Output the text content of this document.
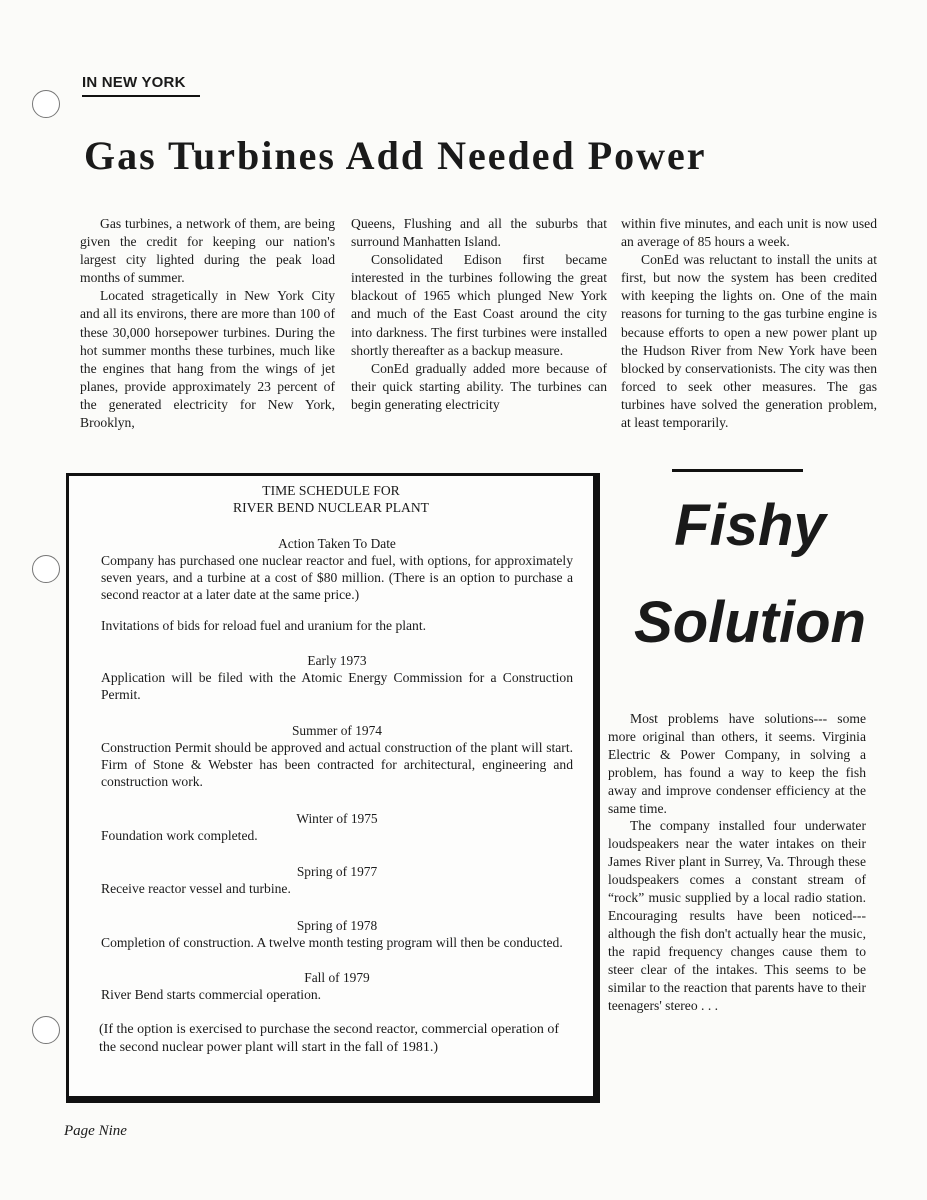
IN NEW YORK
Gas Turbines Add Needed Power

Gas turbines, a network of them, are being given the credit for keeping our nation's largest city lighted during the peak load months of summer.

Located stragetically in New York City and all its environs, there are more than 100 of these 30,000 horsepower turbines. During the hot summer months these turbines, much like the engines that hang from the wings of jet planes, provide approximately 23 percent of the generated electricity for New York, Brooklyn,

Queens, Flushing and all the suburbs that surround Manhatten Island.

Consolidated Edison first became interested in the turbines following the great blackout of 1965 which plunged New York and much of the East Coast around the city into darkness. The first turbines were installed shortly thereafter as a backup measure.

ConEd gradually added more because of their quick starting ability. The turbines can begin generating electricity

within five minutes, and each unit is now used an average of 85 hours a week.

ConEd was reluctant to install the units at first, but now the system has been credited with keeping the lights on. One of the main reasons for turning to the gas turbine engine is because efforts to open a new power plant up the Hudson River from New York have been blocked by conservationists. The city was then forced to seek other measures. The gas turbines have solved the generation problem, at least temporarily.

TIME SCHEDULE FOR
RIVER BEND NUCLEAR PLANT
Action Taken To Date

Company has purchased one nuclear reactor and fuel, with options, for approximately seven years, and a turbine at a cost of $80 million. (There is an option to purchase a second reactor at a later date at the same price.)

Invitations of bids for reload fuel and uranium for the plant.
Early 1973

Application will be filed with the Atomic Energy Commission for a Construction Permit.

Summer of 1974

Construction Permit should be approved and actual construction of the plant will start. Firm of Stone & Webster has been contracted for architectural, engineering and construction work.

Winter of 1975

Foundation work completed.

Spring of 1977

Receive reactor vessel and turbine.

Spring of 1978

Completion of construction. A twelve month testing program will then be conducted.

Fall of 1979

River Bend starts commercial operation.

(If the option is exercised to purchase the second reactor, commercial operation of the second nuclear power plant will start in the fall of 1981.)
Fishy
Solution

Most problems have solutions--- some more original than others, it seems. Virginia Electric & Power Company, in solving a problem, has found a way to keep the fish away and improve condenser efficiency at the same time.

The company installed four underwater loudspeakers near the water intakes on their James River plant in Surrey, Va. Through these loudspeakers comes a constant stream of “rock” music supplied by a local radio station. Encouraging results have been noticed---although the fish don't actually hear the music, the rapid frequency changes cause them to steer clear of the intakes. This seems to be similar to the reaction that parents have to their teenagers' stereo . . .

Page Nine
